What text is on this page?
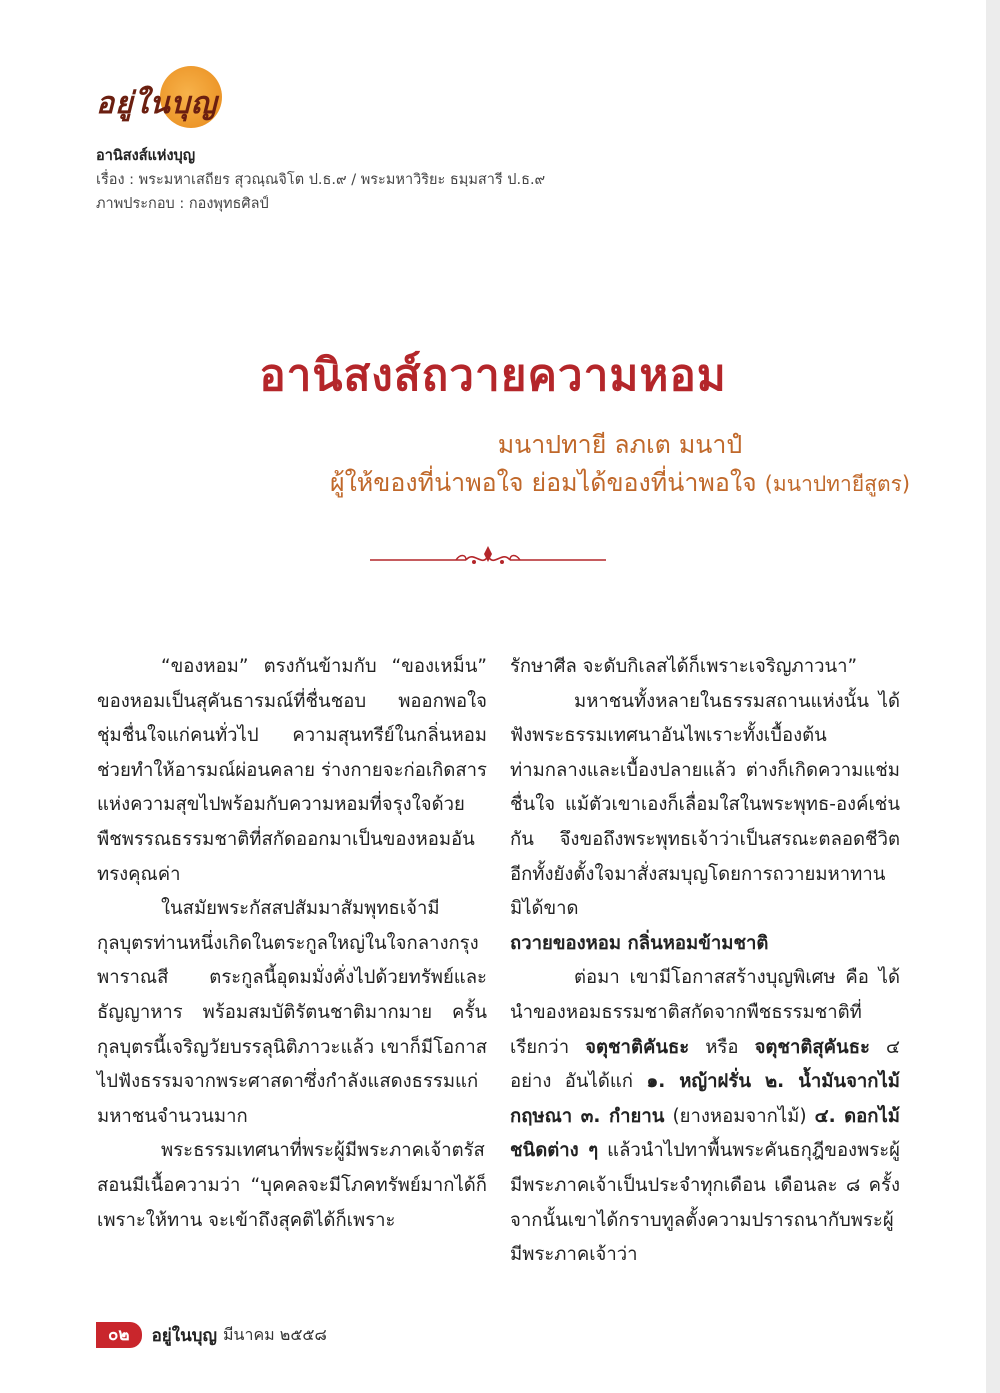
อยู่ในบุญ
อานิสงส์แห่งบุญ
เรื่อง : พระมหาเสถียร สุวณฺณจิโต ป.ธ.๙ / พระมหาวิริยะ ธมฺมสารี ป.ธ.๙
ภาพประกอบ : กองพุทธศิลป์
อานิสงส์ถวายความหอม
มนาปทายี ลภเต มนาปํ
ผู้ให้ของที่น่าพอใจ ย่อมได้ของที่น่าพอใจ (มนาปทายีสูตร)

“ของหอม” ตรงกันข้ามกับ “ของเหม็น” ของหอมเป็นสุคันธารมณ์ที่ชื่นชอบ พออกพอใจ ชุ่มชื่นใจแก่คนทั่วไป ความสุนทรีย์ในกลิ่นหอมช่วยทำให้อารมณ์ผ่อนคลาย ร่างกายจะก่อเกิดสารแห่งความสุขไปพร้อมกับความหอมที่จรุงใจด้วยพืชพรรณธรรมชาติที่สกัดออกมาเป็นของหอมอันทรงคุณค่า

ในสมัยพระกัสสปสัมมาสัมพุทธเจ้ามีกุลบุตรท่านหนึ่งเกิดในตระกูลใหญ่ในใจกลางกรุงพาราณสี ตระกูลนี้อุดมมั่งคั่งไปด้วยทรัพย์และธัญญาหาร พร้อมสมบัติรัตนชาติมากมาย ครั้นกุลบุตรนี้เจริญวัยบรรลุนิติภาวะแล้ว เขาก็มีโอกาสไปฟังธรรมจากพระศาสดาซึ่งกำลังแสดงธรรมแก่มหาชนจำนวนมาก

พระธรรมเทศนาที่พระผู้มีพระภาคเจ้าตรัสสอนมีเนื้อความว่า “บุคคลจะมีโภคทรัพย์มากได้ก็เพราะให้ทาน จะเข้าถึงสุคติได้ก็เพราะ

รักษาศีล จะดับกิเลสได้ก็เพราะเจริญภาวนา”

มหาชนทั้งหลายในธรรมสถานแห่งนั้น ได้ฟังพระธรรมเทศนาอันไพเราะทั้งเบื้องต้นท่ามกลางและเบื้องปลายแล้ว ต่างก็เกิดความแช่มชื่นใจ แม้ตัวเขาเองก็เลื่อมใสในพระพุทธ-องค์เช่นกัน จึงขอถึงพระพุทธเจ้าว่าเป็นสรณะตลอดชีวิต อีกทั้งยังตั้งใจมาสั่งสมบุญโดยการถวายมหาทานมิได้ขาด

ถวายของหอม กลิ่นหอมข้ามชาติ

ต่อมา เขามีโอกาสสร้างบุญพิเศษ คือ ได้นำของหอมธรรมชาติสกัดจากพืชธรรมชาติที่เรียกว่า จตุชาติคันธะ หรือ จตุชาติสุคันธะ ๔ อย่าง อันได้แก่ ๑. หญ้าฝรั่น ๒. น้ำมันจากไม้กฤษณา ๓. กำยาน (ยางหอมจากไม้) ๔. ดอกไม้ชนิดต่าง ๆ แล้วนำไปทาพื้นพระคันธกุฎีของพระผู้มีพระภาคเจ้าเป็นประจำทุกเดือน เดือนละ ๘ ครั้ง จากนั้นเขาได้กราบทูลตั้งความปรารถนากับพระผู้มีพระภาคเจ้าว่า

๐๒	อยู่ในบุญ มีนาคม ๒๕๕๘
